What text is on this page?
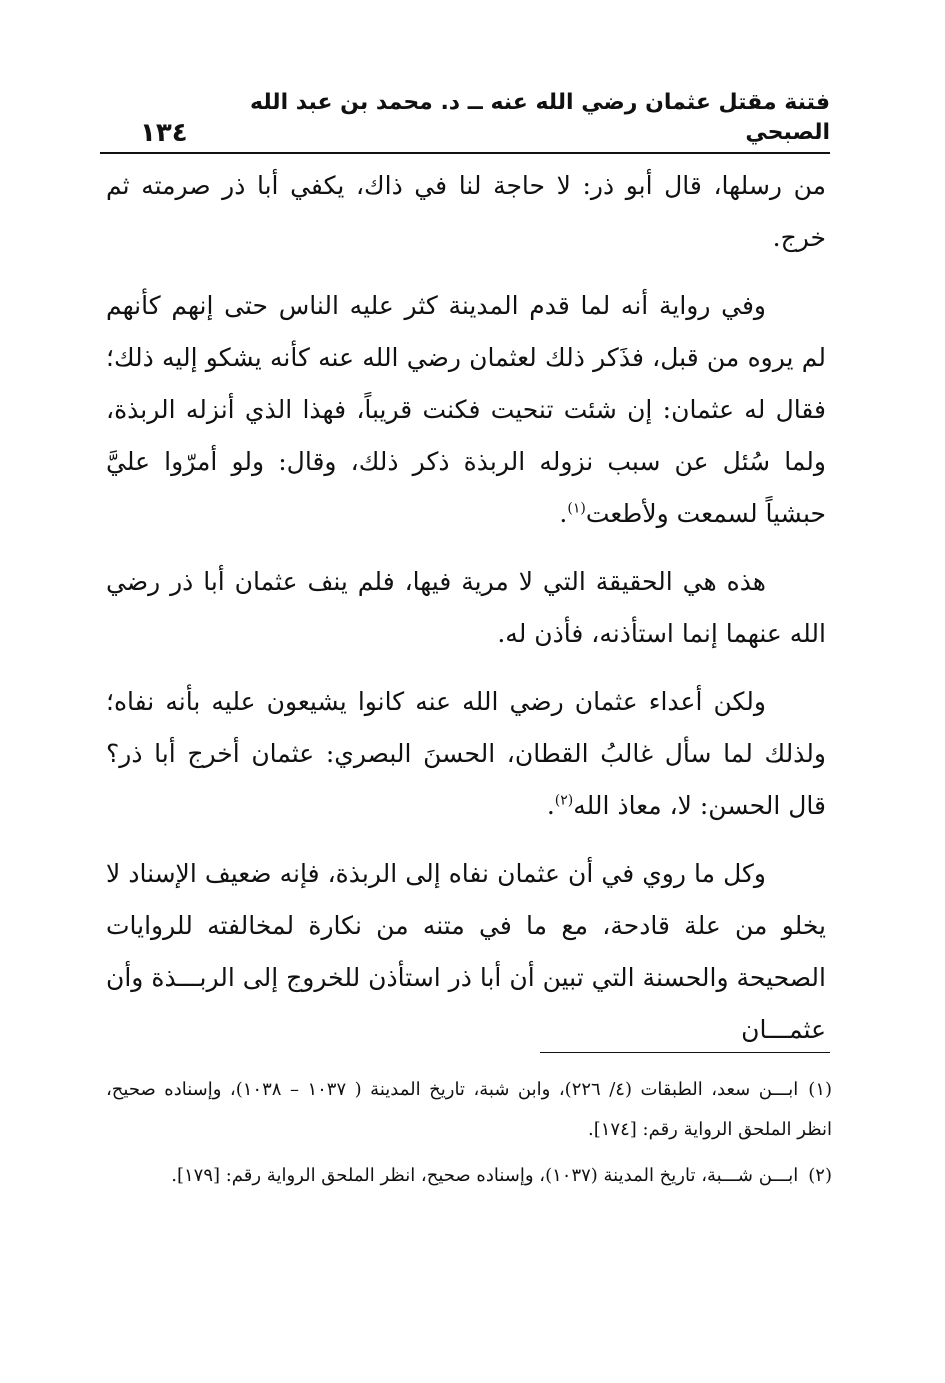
فتنة مقتل عثمان رضي الله عنه ــ د. محمد بن عبد الله الصبحي
١٣٤

من رسلها، قال أبو ذر: لا حاجة لنا في ذاك، يكفي أبا ذر صرمته ثم خرج.

وفي رواية أنه لما قدم المدينة كثر عليه الناس حتى إنهم كأنهم لم يروه من قبل، فذَكر ذلك لعثمان رضي الله عنه كأنه يشكو إليه ذلك؛ فقال له عثمان: إن شئت تنحيت فكنت قريباً، فهذا الذي أنزله الربذة، ولما سُئل عن سبب نزوله الربذة ذكر ذلك، وقال: ولو أمرّوا عليَّ حبشياً لسمعت ولأطعت$^{(١)}$.

هذه هي الحقيقة التي لا مرية فيها، فلم ينف عثمان أبا ذر رضي الله عنهما إنما استأذنه، فأذن له.

ولكن أعداء عثمان رضي الله عنه كانوا يشيعون عليه بأنه نفاه؛ ولذلك لما سأل غالبُ القطان، الحسنَ البصري: عثمان أخرج أبا ذر؟ قال الحسن: لا، معاذ الله$^{(٢)}$.

وكل ما روي في أن عثمان نفاه إلى الربذة، فإنه ضعيف الإسناد لا يخلو من علة قادحة، مع ما في متنه من نكارة لمخالفته للروايات الصحيحة والحسنة التي تبين أن أبا ذر استأذن للخروج إلى الربـــذة وأن عثمـــان

(١)ابـــن سعد، الطبقات (٤/ ٢٢٦)، وابن شبة، تاريخ المدينة ( ١٠٣٧ – ١٠٣٨)، وإسناده صحيح، انظر الملحق الرواية رقم: [١٧٤].

(٢)ابـــن شـــبة، تاريخ المدينة (١٠٣٧)، وإسناده صحيح، انظر الملحق الرواية رقم: [١٧٩].
